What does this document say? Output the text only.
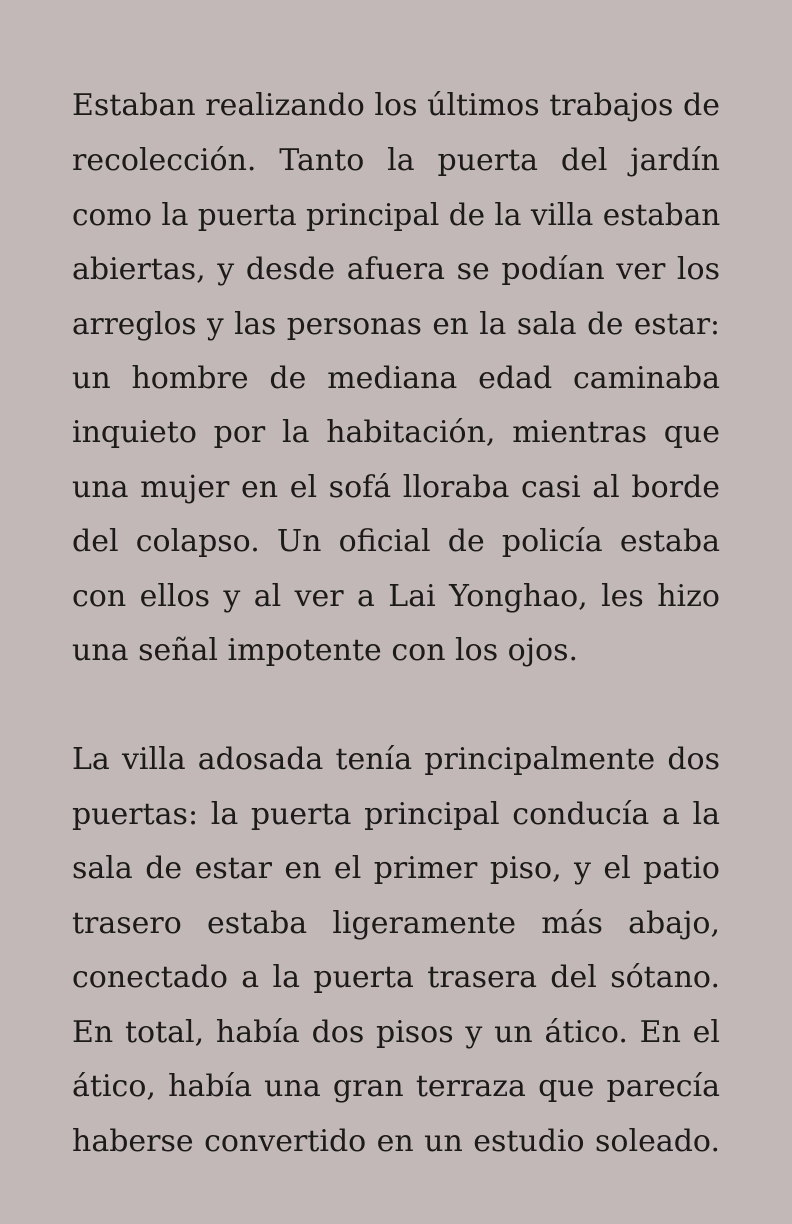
Estaban realizando los últimos trabajos de
recolección. Tanto la puerta del jardín
como la puerta principal de la villa estaban
abiertas, y desde afuera se podían ver los
arreglos y las personas en la sala de estar:
un hombre de mediana edad caminaba
inquieto por la habitación, mientras que
una mujer en el sofá lloraba casi al borde
del colapso. Un oficial de policía estaba
con ellos y al ver a Lai Yonghao, les hizo
una señal impotente con los ojos.
La villa adosada tenía principalmente dos
puertas: la puerta principal conducía a la
sala de estar en el primer piso, y el patio
trasero estaba ligeramente más abajo,
conectado a la puerta trasera del sótano.
En total, había dos pisos y un ático. En el
ático, había una gran terraza que parecía
haberse convertido en un estudio soleado.
